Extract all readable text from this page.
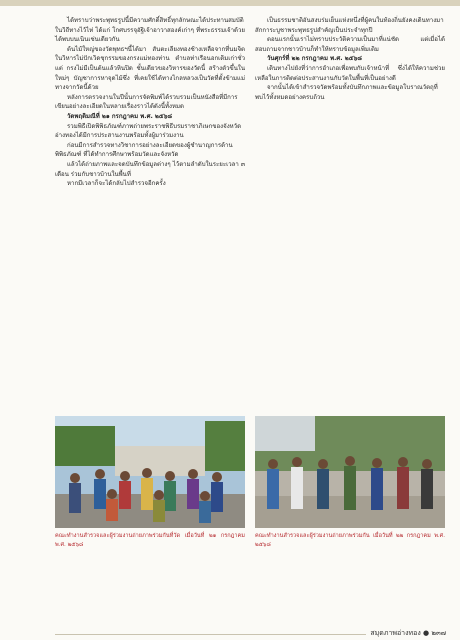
ได้ทราบว่าพระพุทธรูปนี้มีความศักดิ์สิทธิ์ทุกลักษณะได้ประทานสมบัติในวิถีทางไว้ไท่ ได้แก่ โกศบรรจุอัฐิเจ้าอาวาสองค์เก่าๆ ที่พระธรรมเจ้าด้วยได้พบบนเนินเช่นเดียวกัน

ต้นไม้ใหญ่ของวัดพุทธฯนี้ได้มา สันตะเลียงทองช้างเหลือจากที่นมจิตในวิหารไม่ปักเวิดชุกรรมของกรงแม่ทองท่าน ตำบลท่าเรือนอกเดิมเก่าชั่วแต่ กรงไม่มีเป็นต้นแล้วหินปิด ชั้นเดียวของวิหารของวัดนี้ สร้างตัวขึ้นในใหม่ๆ บัญชาการหาจุดไม้ซึ่ง ที่เคยใช้ได้ทางไกลหลวงเป็นวัดที่ตั้งข้ามแม่ทางจากวัดนี้ด้วย

หลังการตรวจงานในปีนั้นการจัดพิมพ์ได้รวบรวมเป็นหนังสือที่มีการเขียนอย่างละเอียดในหลายเรื่องราวได้ดังนี้ทั้งหมด

วัดพฤติมณีที่ ๒๑ กรกฎาคม พ.ศ. ๒๕๖๘

รวมพิธีเปิดพิพิธภัณฑ์ภาพถ่ายพระราชพิธีบรมราชาภิเษกของจังหวัดอ่างทองได้มีการประสานงานพร้อมทั้งผู้มาร่วมงาน

ก่อนมีการสำรวจทางวิชาการอย่างละเอียดของผู้ชำนาญการด้านพิพิธภัณฑ์ ที่ได้ทำการศึกษาพร้อมวัดและจังหวัด

แล้วได้ถ่ายภาพและจดบันทึกข้อมูลต่างๆ ไว้ตามลำดับในระยะเวลา ๓ เดือน ร่วมกับชาวบ้านในพื้นที่

หากมีเวลาก็จะได้กลับไปสำรวจอีกครั้ง

เป็นธรรมชาติอันสงบร่มเย็นแห่งหนึ่งที่ผู้คนในท้องถิ่นยังคงเดินทางมาสักการะบูชาพระพุทธรูปสำคัญเป็นประจำทุกปี

ตอนแรกนั้นเราไม่ทราบประวัติความเป็นมาที่แน่ชัด แต่เมื่อได้สอบถามจากชาวบ้านก็ทำให้ทราบข้อมูลเพิ่มเติม

วันศุกร์ที่ ๒๒ กรกฎาคม พ.ศ. ๒๕๖๘

เดินทางไปยังที่ว่าการอำเภอเพื่อพบกับเจ้าหน้าที่ ซึ่งได้ให้ความช่วยเหลือในการติดต่อประสานงานกับวัดในพื้นที่เป็นอย่างดี

จากนั้นได้เข้าสำรวจวัดพร้อมทั้งบันทึกภาพและข้อมูลโบราณวัตถุที่พบไว้ทั้งหมดอย่างครบถ้วน

คณะทำงานสำรวจและผู้ร่วมงานถ่ายภาพร่วมกันที่วัด เมื่อวันที่ ๒๑ กรกฎาคม พ.ศ. ๒๕๖๘
คณะทำงานสำรวจและผู้ร่วมงานถ่ายภาพร่วมกัน เมื่อวันที่ ๒๒ กรกฎาคม พ.ศ. ๒๕๖๘
สมุดภาพอ่างทอง ● ๒๓๗
